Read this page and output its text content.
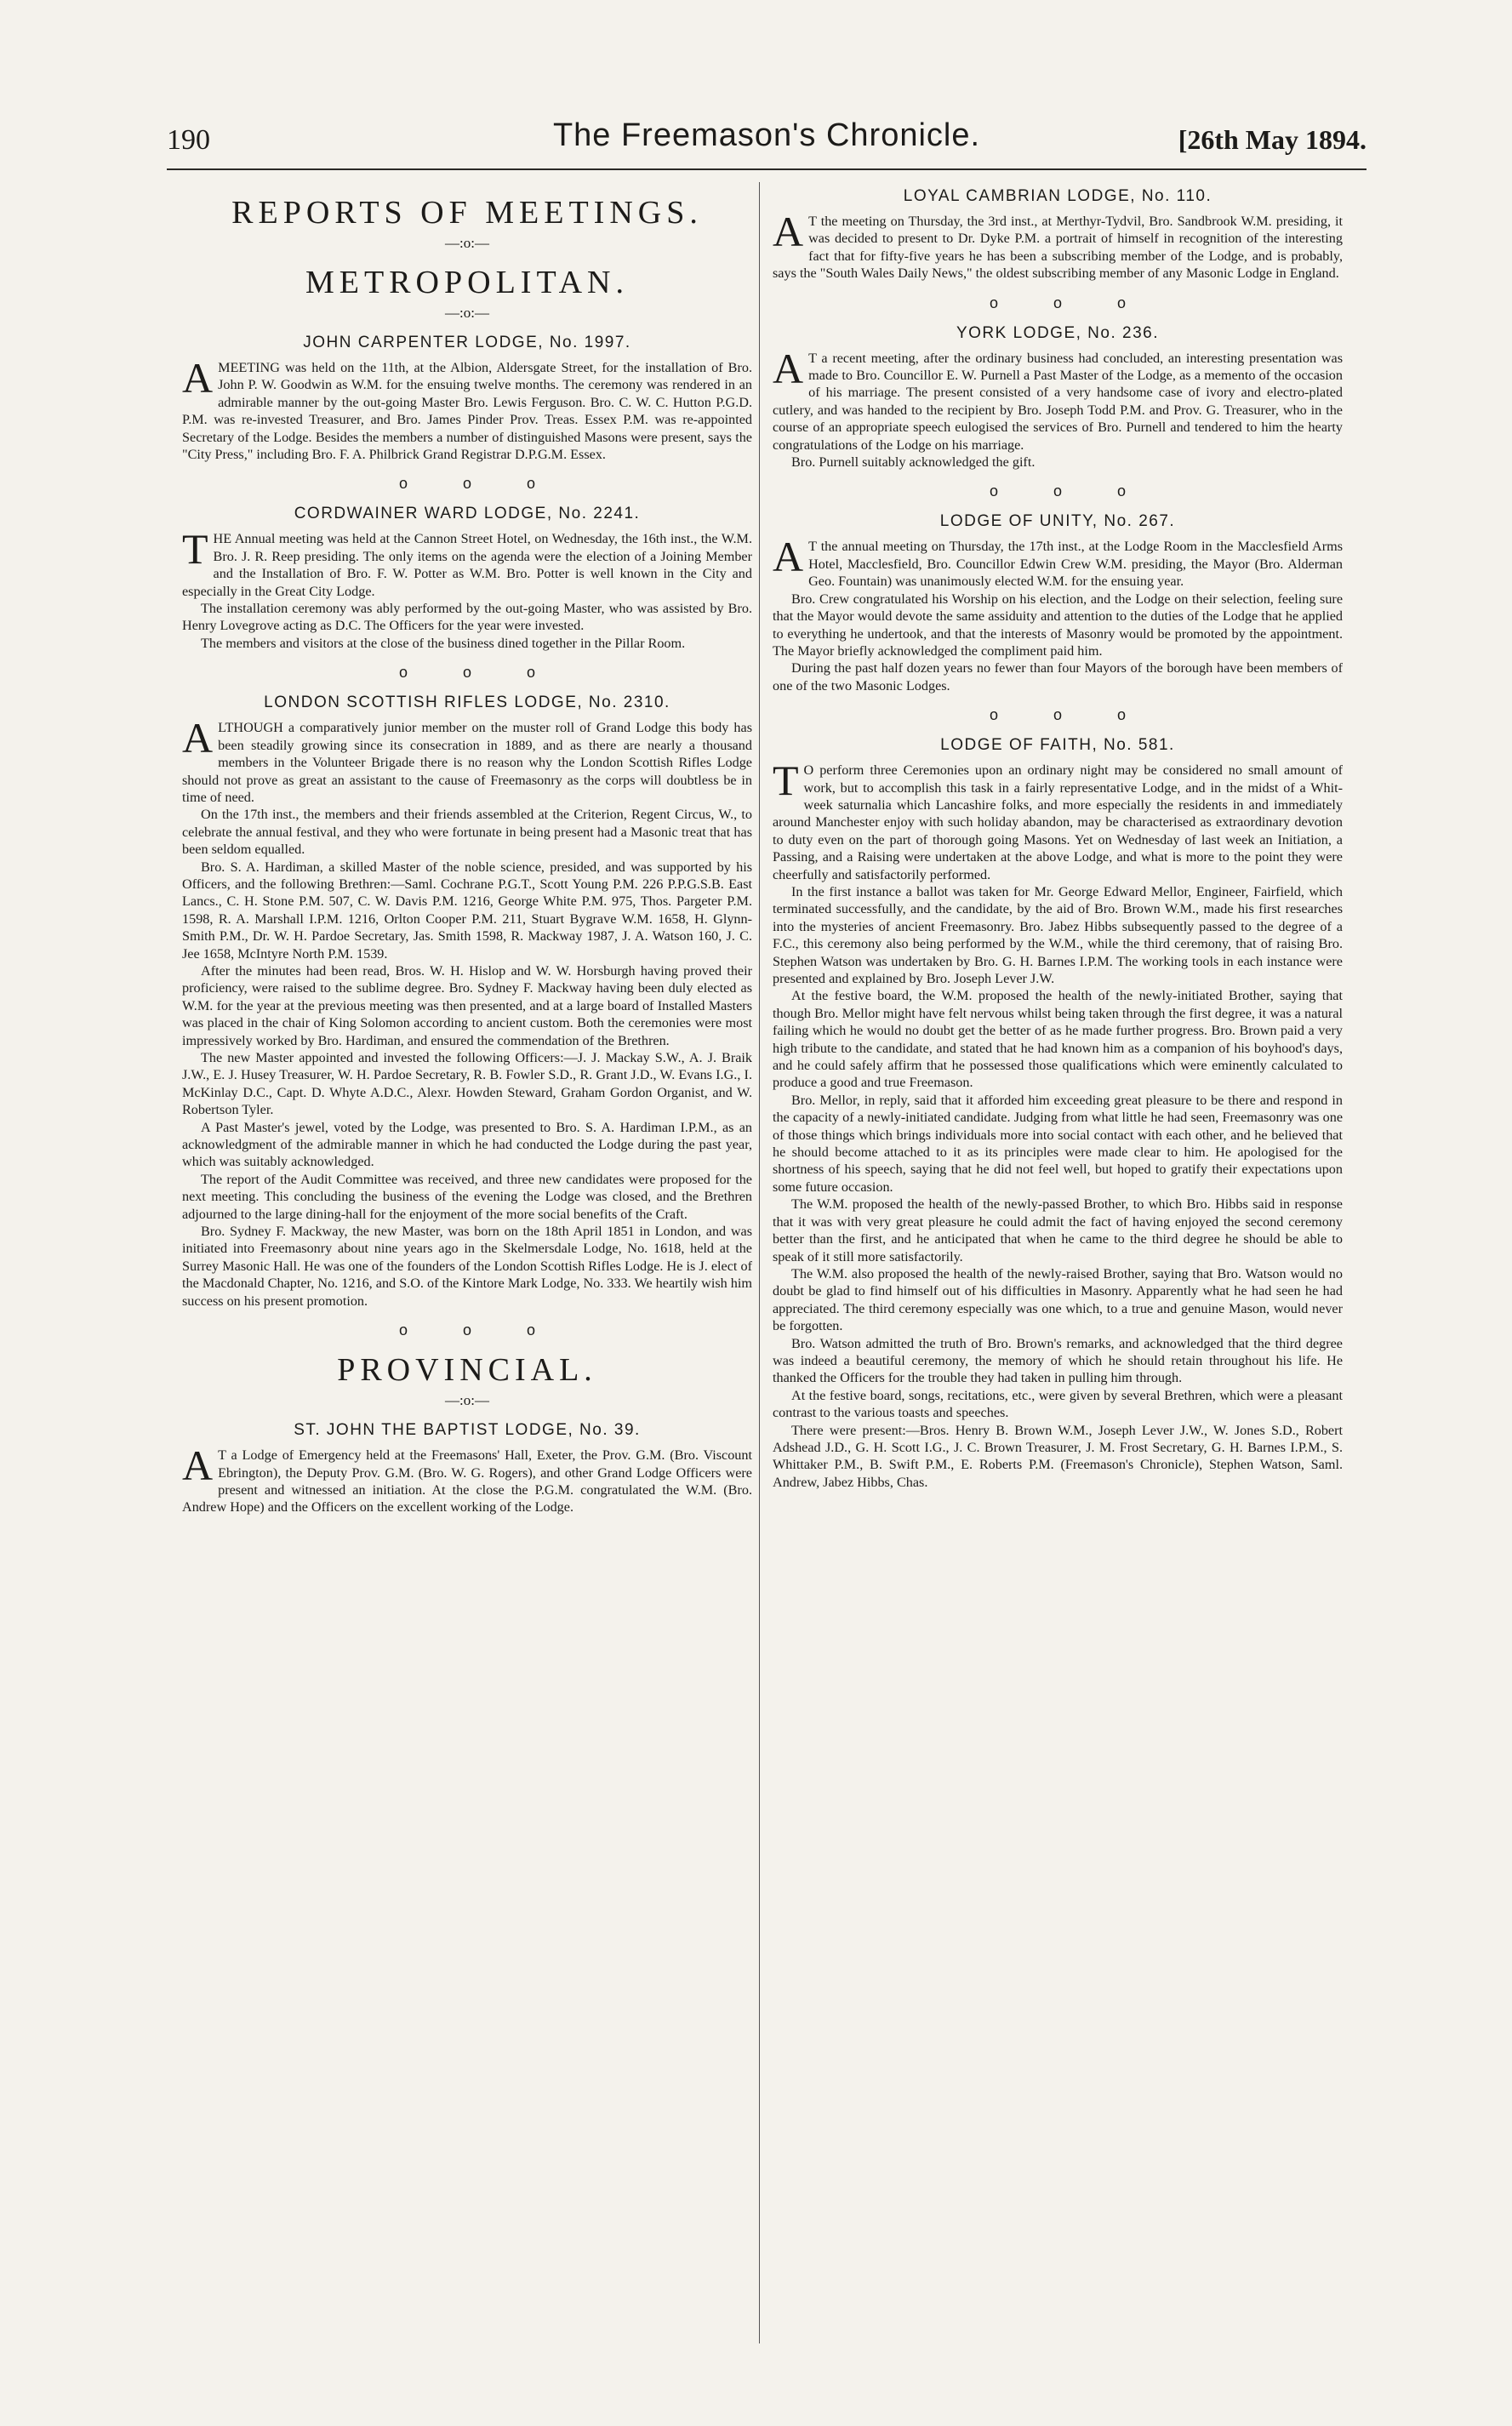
190	The Freemason's Chronicle.	[26th May 1894.
REPORTS OF MEETINGS.
—:o:—
METROPOLITAN.
—:o:—
JOHN CARPENTER LODGE, No. 1997.

A MEETING was held on the 11th, at the Albion, Aldersgate Street, for the installation of Bro. John P. W. Goodwin as W.M. for the ensuing twelve months. The ceremony was rendered in an admirable manner by the out-going Master Bro. Lewis Ferguson. Bro. C. W. C. Hutton P.G.D. P.M. was re-invested Treasurer, and Bro. James Pinder Prov. Treas. Essex P.M. was re-appointed Secretary of the Lodge. Besides the members a number of distinguished Masons were present, says the "City Press," including Bro. F. A. Philbrick Grand Registrar D.P.G.M. Essex.

o o o
CORDWAINER WARD LODGE, No. 2241.

THE Annual meeting was held at the Cannon Street Hotel, on Wednesday, the 16th inst., the W.M. Bro. J. R. Reep presiding. The only items on the agenda were the election of a Joining Member and the Installation of Bro. F. W. Potter as W.M. Bro. Potter is well known in the City and especially in the Great City Lodge.

The installation ceremony was ably performed by the out-going Master, who was assisted by Bro. Henry Lovegrove acting as D.C. The Officers for the year were invested.

The members and visitors at the close of the business dined together in the Pillar Room.

o o o
LONDON SCOTTISH RIFLES LODGE, No. 2310.

ALTHOUGH a comparatively junior member on the muster roll of Grand Lodge this body has been steadily growing since its consecration in 1889, and as there are nearly a thousand members in the Volunteer Brigade there is no reason why the London Scottish Rifles Lodge should not prove as great an assistant to the cause of Freemasonry as the corps will doubtless be in time of need.

On the 17th inst., the members and their friends assembled at the Criterion, Regent Circus, W., to celebrate the annual festival, and they who were fortunate in being present had a Masonic treat that has been seldom equalled.

Bro. S. A. Hardiman, a skilled Master of the noble science, presided, and was supported by his Officers, and the following Brethren:—Saml. Cochrane P.G.T., Scott Young P.M. 226 P.P.G.S.B. East Lancs., C. H. Stone P.M. 507, C. W. Davis P.M. 1216, George White P.M. 975, Thos. Pargeter P.M. 1598, R. A. Marshall I.P.M. 1216, Orlton Cooper P.M. 211, Stuart Bygrave W.M. 1658, H. Glynn-Smith P.M., Dr. W. H. Pardoe Secretary, Jas. Smith 1598, R. Mackway 1987, J. A. Watson 160, J. C. Jee 1658, McIntyre North P.M. 1539.

After the minutes had been read, Bros. W. H. Hislop and W. W. Horsburgh having proved their proficiency, were raised to the sublime degree. Bro. Sydney F. Mackway having been duly elected as W.M. for the year at the previous meeting was then presented, and at a large board of Installed Masters was placed in the chair of King Solomon according to ancient custom. Both the ceremonies were most impressively worked by Bro. Hardiman, and ensured the commendation of the Brethren.

The new Master appointed and invested the following Officers:—J. J. Mackay S.W., A. J. Braik J.W., E. J. Husey Treasurer, W. H. Pardoe Secretary, R. B. Fowler S.D., R. Grant J.D., W. Evans I.G., I. McKinlay D.C., Capt. D. Whyte A.D.C., Alexr. Howden Steward, Graham Gordon Organist, and W. Robertson Tyler.

A Past Master's jewel, voted by the Lodge, was presented to Bro. S. A. Hardiman I.P.M., as an acknowledgment of the admirable manner in which he had conducted the Lodge during the past year, which was suitably acknowledged.

The report of the Audit Committee was received, and three new candidates were proposed for the next meeting. This concluding the business of the evening the Lodge was closed, and the Brethren adjourned to the large dining-hall for the enjoyment of the more social benefits of the Craft.

Bro. Sydney F. Mackway, the new Master, was born on the 18th April 1851 in London, and was initiated into Freemasonry about nine years ago in the Skelmersdale Lodge, No. 1618, held at the Surrey Masonic Hall. He was one of the founders of the London Scottish Rifles Lodge. He is J. elect of the Macdonald Chapter, No. 1216, and S.O. of the Kintore Mark Lodge, No. 333. We heartily wish him success on his present promotion.

o o o
PROVINCIAL.
—:o:—
ST. JOHN THE BAPTIST LODGE, No. 39.

A T a Lodge of Emergency held at the Freemasons' Hall, Exeter, the Prov. G.M. (Bro. Viscount Ebrington), the Deputy Prov. G.M. (Bro. W. G. Rogers), and other Grand Lodge Officers were present and witnessed an initiation. At the close the P.G.M. congratulated the W.M. (Bro. Andrew Hope) and the Officers on the excellent working of the Lodge.

LOYAL CAMBRIAN LODGE, No. 110.

A T the meeting on Thursday, the 3rd inst., at Merthyr-Tydvil, Bro. Sandbrook W.M. presiding, it was decided to present to Dr. Dyke P.M. a portrait of himself in recognition of the interesting fact that for fifty-five years he has been a subscribing member of the Lodge, and is probably, says the "South Wales Daily News," the oldest subscribing member of any Masonic Lodge in England.

o o o
YORK LODGE, No. 236.

A T a recent meeting, after the ordinary business had concluded, an interesting presentation was made to Bro. Councillor E. W. Purnell a Past Master of the Lodge, as a memento of the occasion of his marriage. The present consisted of a very handsome case of ivory and electro-plated cutlery, and was handed to the recipient by Bro. Joseph Todd P.M. and Prov. G. Treasurer, who in the course of an appropriate speech eulogised the services of Bro. Purnell and tendered to him the hearty congratulations of the Lodge on his marriage.

Bro. Purnell suitably acknowledged the gift.

o o o
LODGE OF UNITY, No. 267.

A T the annual meeting on Thursday, the 17th inst., at the Lodge Room in the Macclesfield Arms Hotel, Macclesfield, Bro. Councillor Edwin Crew W.M. presiding, the Mayor (Bro. Alderman Geo. Fountain) was unanimously elected W.M. for the ensuing year.

Bro. Crew congratulated his Worship on his election, and the Lodge on their selection, feeling sure that the Mayor would devote the same assiduity and attention to the duties of the Lodge that he applied to everything he undertook, and that the interests of Masonry would be promoted by the appointment. The Mayor briefly acknowledged the compliment paid him.

During the past half dozen years no fewer than four Mayors of the borough have been members of one of the two Masonic Lodges.

o o o
LODGE OF FAITH, No. 581.

T O perform three Ceremonies upon an ordinary night may be considered no small amount of work, but to accomplish this task in a fairly representative Lodge, and in the midst of a Whit-week saturnalia which Lancashire folks, and more especially the residents in and immediately around Manchester enjoy with such holiday abandon, may be characterised as extraordinary devotion to duty even on the part of thorough going Masons. Yet on Wednesday of last week an Initiation, a Passing, and a Raising were undertaken at the above Lodge, and what is more to the point they were cheerfully and satisfactorily performed.

In the first instance a ballot was taken for Mr. George Edward Mellor, Engineer, Fairfield, which terminated successfully, and the candidate, by the aid of Bro. Brown W.M., made his first researches into the mysteries of ancient Freemasonry. Bro. Jabez Hibbs subsequently passed to the degree of a F.C., this ceremony also being performed by the W.M., while the third ceremony, that of raising Bro. Stephen Watson was undertaken by Bro. G. H. Barnes I.P.M. The working tools in each instance were presented and explained by Bro. Joseph Lever J.W.

At the festive board, the W.M. proposed the health of the newly-initiated Brother, saying that though Bro. Mellor might have felt nervous whilst being taken through the first degree, it was a natural failing which he would no doubt get the better of as he made further progress. Bro. Brown paid a very high tribute to the candidate, and stated that he had known him as a companion of his boyhood's days, and he could safely affirm that he possessed those qualifications which were eminently calculated to produce a good and true Freemason.

Bro. Mellor, in reply, said that it afforded him exceeding great pleasure to be there and respond in the capacity of a newly-initiated candidate. Judging from what little he had seen, Freemasonry was one of those things which brings individuals more into social contact with each other, and he believed that he should become attached to it as its principles were made clear to him. He apologised for the shortness of his speech, saying that he did not feel well, but hoped to gratify their expectations upon some future occasion.

The W.M. proposed the health of the newly-passed Brother, to which Bro. Hibbs said in response that it was with very great pleasure he could admit the fact of having enjoyed the second ceremony better than the first, and he anticipated that when he came to the third degree he should be able to speak of it still more satisfactorily.

The W.M. also proposed the health of the newly-raised Brother, saying that Bro. Watson would no doubt be glad to find himself out of his difficulties in Masonry. Apparently what he had seen he had appreciated. The third ceremony especially was one which, to a true and genuine Mason, would never be forgotten.

Bro. Watson admitted the truth of Bro. Brown's remarks, and acknowledged that the third degree was indeed a beautiful ceremony, the memory of which he should retain throughout his life. He thanked the Officers for the trouble they had taken in pulling him through.

At the festive board, songs, recitations, etc., were given by several Brethren, which were a pleasant contrast to the various toasts and speeches.

There were present:—Bros. Henry B. Brown W.M., Joseph Lever J.W., W. Jones S.D., Robert Adshead J.D., G. H. Scott I.G., J. C. Brown Treasurer, J. M. Frost Secretary, G. H. Barnes I.P.M., S. Whittaker P.M., B. Swift P.M., E. Roberts P.M. (Freemason's Chronicle), Stephen Watson, Saml. Andrew, Jabez Hibbs, Chas.
